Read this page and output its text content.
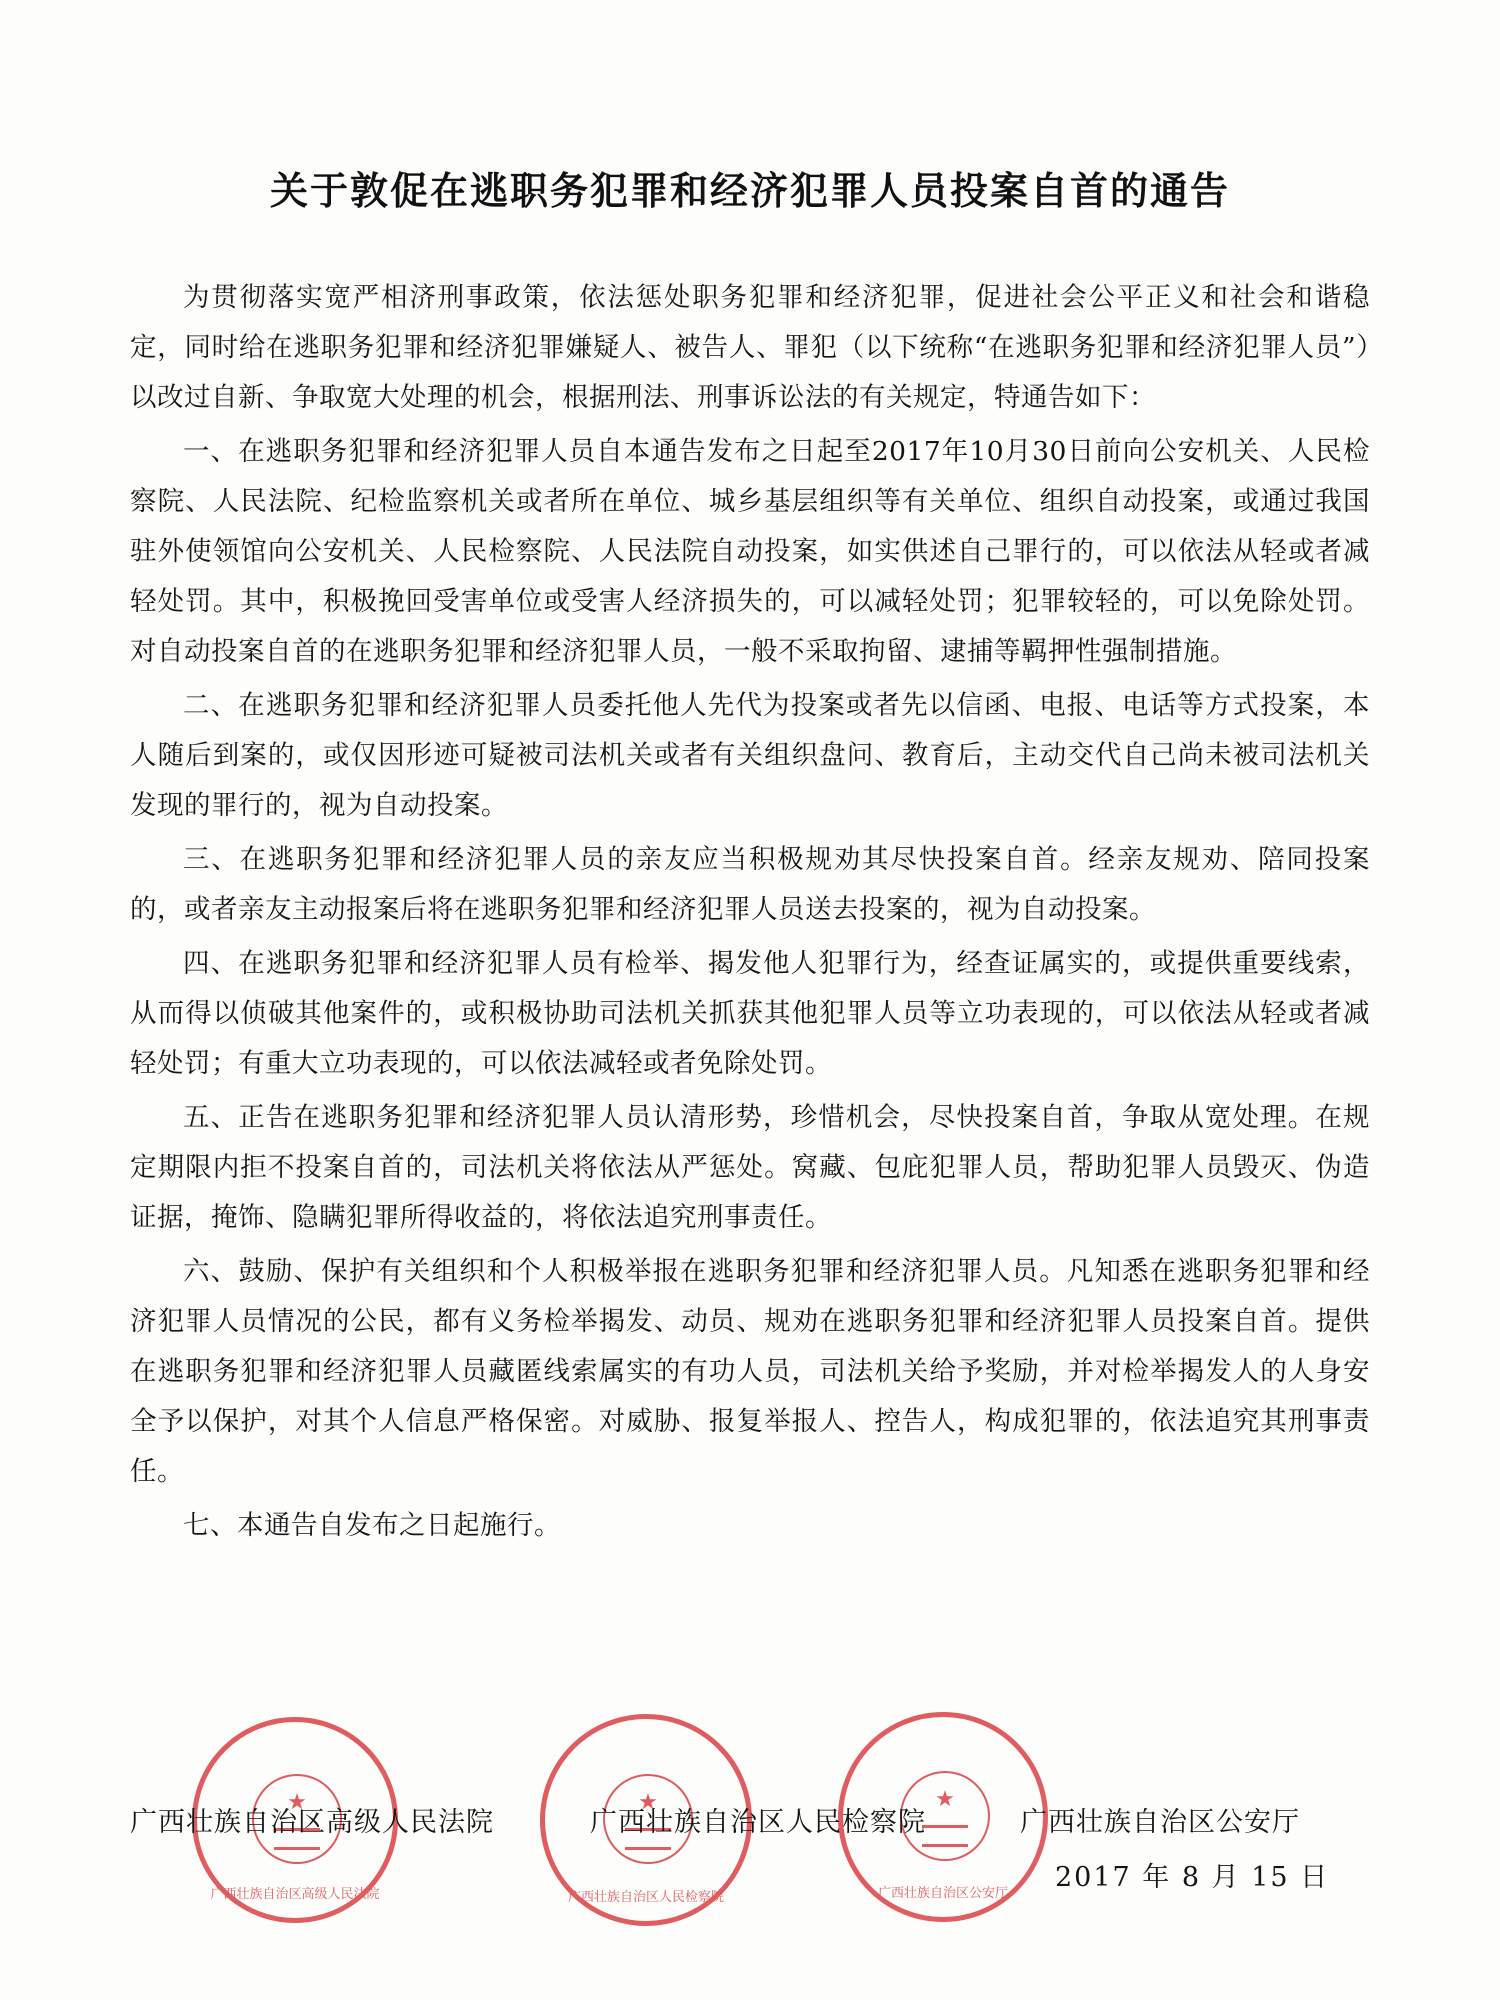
关于敦促在逃职务犯罪和经济犯罪人员投案自首的通告

为贯彻落实宽严相济刑事政策，依法惩处职务犯罪和经济犯罪，促进社会公平正义和社会和谐稳定，同时给在逃职务犯罪和经济犯罪嫌疑人、被告人、罪犯（以下统称“在逃职务犯罪和经济犯罪人员”）以改过自新、争取宽大处理的机会，根据刑法、刑事诉讼法的有关规定，特通告如下：

一、在逃职务犯罪和经济犯罪人员自本通告发布之日起至2017年10月30日前向公安机关、人民检察院、人民法院、纪检监察机关或者所在单位、城乡基层组织等有关单位、组织自动投案，或通过我国驻外使领馆向公安机关、人民检察院、人民法院自动投案，如实供述自己罪行的，可以依法从轻或者减轻处罚。其中，积极挽回受害单位或受害人经济损失的，可以减轻处罚；犯罪较轻的，可以免除处罚。对自动投案自首的在逃职务犯罪和经济犯罪人员，一般不采取拘留、逮捕等羁押性强制措施。

二、在逃职务犯罪和经济犯罪人员委托他人先代为投案或者先以信函、电报、电话等方式投案，本人随后到案的，或仅因形迹可疑被司法机关或者有关组织盘问、教育后，主动交代自己尚未被司法机关发现的罪行的，视为自动投案。

三、在逃职务犯罪和经济犯罪人员的亲友应当积极规劝其尽快投案自首。经亲友规劝、陪同投案的，或者亲友主动报案后将在逃职务犯罪和经济犯罪人员送去投案的，视为自动投案。

四、在逃职务犯罪和经济犯罪人员有检举、揭发他人犯罪行为，经查证属实的，或提供重要线索，从而得以侦破其他案件的，或积极协助司法机关抓获其他犯罪人员等立功表现的，可以依法从轻或者减轻处罚；有重大立功表现的，可以依法减轻或者免除处罚。

五、正告在逃职务犯罪和经济犯罪人员认清形势，珍惜机会，尽快投案自首，争取从宽处理。在规定期限内拒不投案自首的，司法机关将依法从严惩处。窝藏、包庇犯罪人员，帮助犯罪人员毁灭、伪造证据，掩饰、隐瞒犯罪所得收益的，将依法追究刑事责任。

六、鼓励、保护有关组织和个人积极举报在逃职务犯罪和经济犯罪人员。凡知悉在逃职务犯罪和经济犯罪人员情况的公民，都有义务检举揭发、动员、规劝在逃职务犯罪和经济犯罪人员投案自首。提供在逃职务犯罪和经济犯罪人员藏匿线索属实的有功人员，司法机关给予奖励，并对检举揭发人的人身安全予以保护，对其个人信息严格保密。对威胁、报复举报人、控告人，构成犯罪的，依法追究其刑事责任。

七、本通告自发布之日起施行。

★
广西壮族自治区高级人民法院
★	广西壮族自治区人民检察院
★	广西壮族自治区公安厅
广西壮族自治区高级人民法院	广西壮族自治区人民检察院	广西壮族自治区公安厅
2017 年 8 月 15 日
